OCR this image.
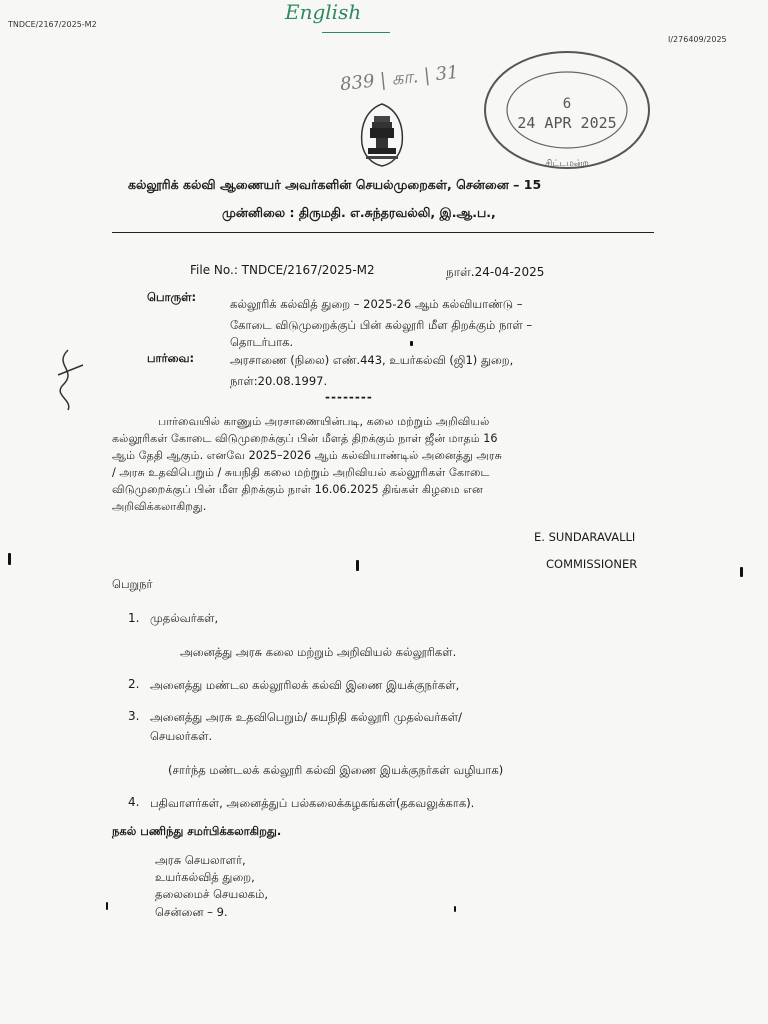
TNDCE/2167/2025-M2
I/276409/2025
English
839 | கா. | 31
6
24 APR 2025
சிட்டமன்ற
கல்லூரிக் கல்வி ஆணையர் அவர்களின் செயல்முறைகள், சென்னை – 15
முன்னிலை : திருமதி. எ.சுந்தரவல்லி, இ.ஆ.ப.,
File No.: TNDCE/2167/2025-M2	நாள்.24-04-2025
பொருள்:	கல்லூரிக் கல்வித் துறை – 2025-26 ஆம் கல்வியாண்டு –
கோடை விடுமுறைக்குப் பின் கல்லூரி மீள திறக்கும் நாள் –
தொடர்பாக.
பார்வை:	அரசாணை (நிலை) எண்.443, உயர்கல்வி (ஜி1) துறை,
நாள்:20.08.1997.
--------
பார்வையில் காணும் அரசாணையின்படி, கலை மற்றும் அறிவியல்
கல்லூரிகள் கோடை விடுமுறைக்குப் பின் மீளத் திறக்கும் நாள் ஜீன் மாதம் 16
ஆம் தேதி ஆகும். எனவே 2025–2026 ஆம் கல்வியாண்டில் அனைத்து அரசு
/ அரசு உதவிபெறும் / சுயநிதி கலை மற்றும் அறிவியல் கல்லூரிகள் கோடை
விடுமுறைக்குப் பின் மீள திறக்கும் நாள் 16.06.2025 திங்கள் கிழமை என
அறிவிக்கலாகிறது.
E. SUNDARAVALLI
COMMISSIONER
பெறுநர்
1. முதல்வர்கள்,
அனைத்து அரசு கலை மற்றும் அறிவியல் கல்லூரிகள்.
2. அனைத்து மண்டல கல்லூரிலக் கல்வி இணை இயக்குநர்கள்,
3. அனைத்து அரசு உதவிபெறும்/ சுயநிதி கல்லூரி முதல்வர்கள்/
செயலர்கள்.
(சார்ந்த மண்டலக் கல்லூரி கல்வி இணை இயக்குநர்கள் வழியாக)
4. பதிவாளர்கள், அனைத்துப் பல்கலைக்கழகங்கள்(தகவலுக்காக).
நகல் பணிந்து சமர்பிக்கலாகிறது.
அரசு செயலாளர்,
உயர்கல்வித் துறை,
தலைமைச் செயலகம்,
சென்னை – 9.
